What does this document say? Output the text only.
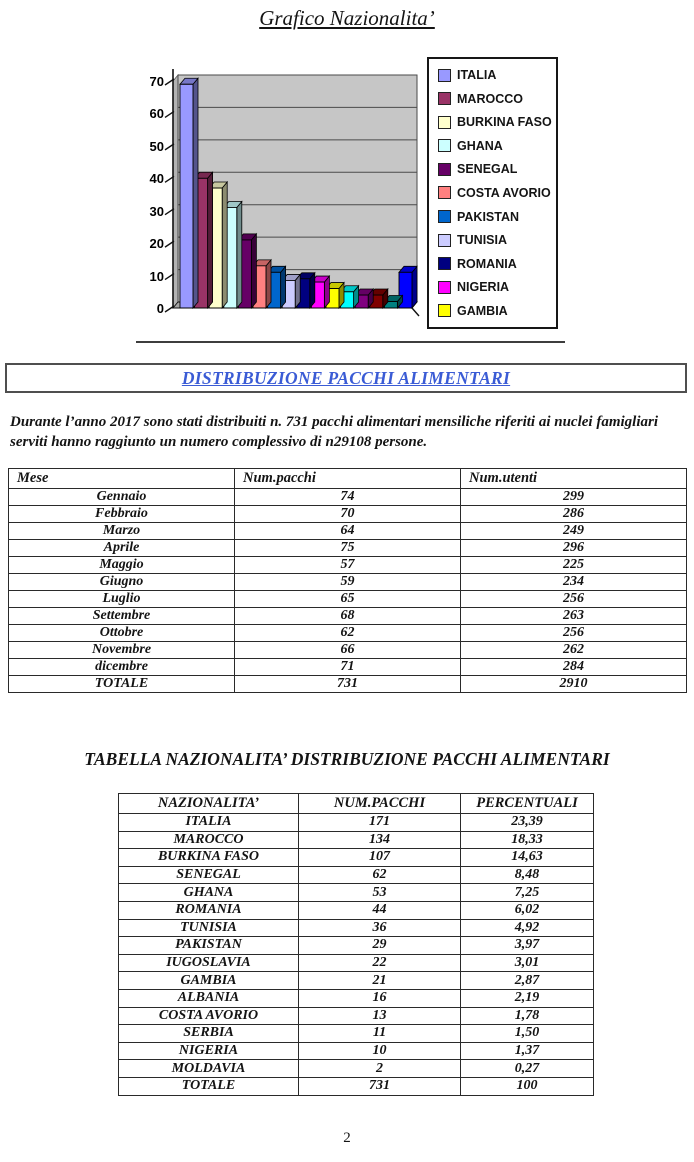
Grafico Nazionalita’
0
10
20
30
40
50
60
70	ITALIA
MAROCCO
BURKINA FASO
GHANA
SENEGAL
COSTA AVORIO
PAKISTAN
TUNISIA
ROMANIA
NIGERIA
GAMBIA
DISTRIBUZIONE PACCHI ALIMENTARI

Durante l’anno 2017 sono stati distribuiti n. 731 pacchi alimentari mensiliche riferiti ai nuclei famigliari serviti hanno raggiunto un numero complessivo di n29108 persone.

Mese	Num.pacchi	Num.utenti
Gennaio	74	299
Febbraio	70	286
Marzo	64	249
Aprile	75	296
Maggio	57	225
Giugno	59	234
Luglio	65	256
Settembre	68	263
Ottobre	62	256
Novembre	66	262
dicembre	71	284
TOTALE	731	2910
TABELLA NAZIONALITA’ DISTRIBUZIONE PACCHI ALIMENTARI
NAZIONALITA’	NUM.PACCHI	PERCENTUALI
ITALIA	171	23,39
MAROCCO	134	18,33
BURKINA FASO	107	14,63
SENEGAL	62	8,48
GHANA	53	7,25
ROMANIA	44	6,02
TUNISIA	36	4,92
PAKISTAN	29	3,97
IUGOSLAVIA	22	3,01
GAMBIA	21	2,87
ALBANIA	16	2,19
COSTA AVORIO	13	1,78
SERBIA	11	1,50
NIGERIA	10	1,37
MOLDAVIA	2	0,27
TOTALE	731	100
2
